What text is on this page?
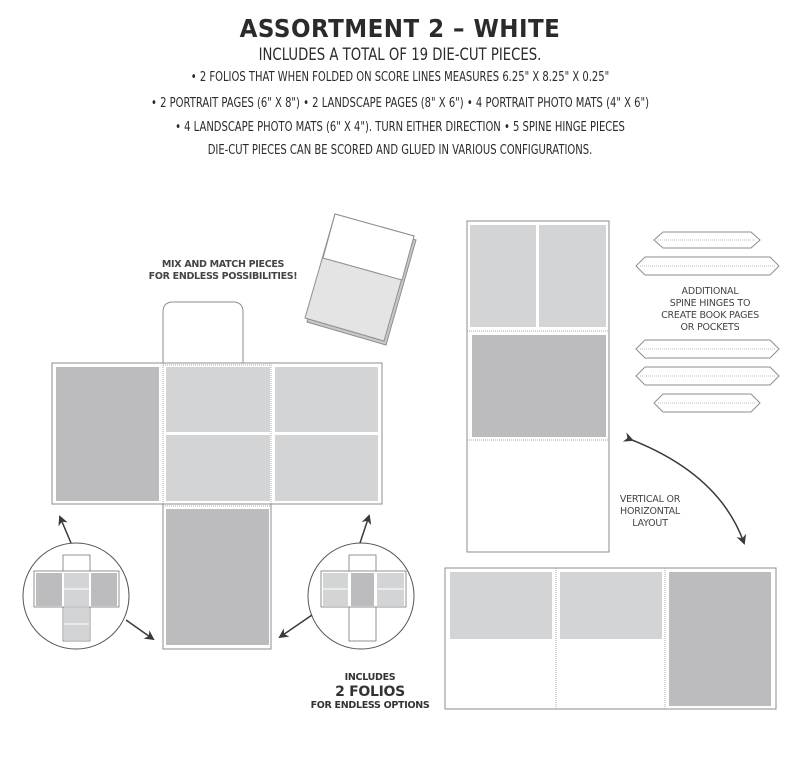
ASSORTMENT 2 – WHITE
INCLUDES A TOTAL OF 19 DIE-CUT PIECES.
• 2 FOLIOS THAT WHEN FOLDED ON SCORE LINES MEASURES 6.25" X 8.25" X 0.25"
• 2 PORTRAIT PAGES (6" X 8") • 2 LANDSCAPE PAGES (8" X 6") • 4 PORTRAIT PHOTO MATS (4" X 6")
• 4 LANDSCAPE PHOTO MATS (6" X 4"). TURN EITHER DIRECTION • 5 SPINE HINGE PIECES
DIE-CUT PIECES CAN BE SCORED AND GLUED IN VARIOUS CONFIGURATIONS.
MIX AND MATCH PIECES
FOR ENDLESS POSSIBILITIES!
ADDITIONAL
SPINE HINGES TO
CREATE BOOK PAGES
OR POCKETS
VERTICAL OR
HORIZONTAL
LAYOUT
INCLUDES
2 FOLIOS
FOR ENDLESS OPTIONS
